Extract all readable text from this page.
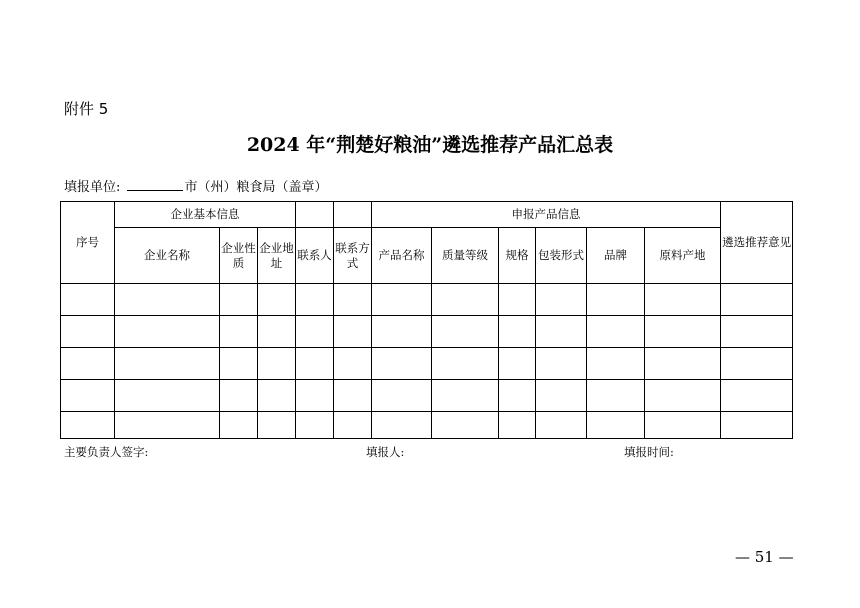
附件 5
2024 年“荆楚好粮油”遴选推荐产品汇总表
填报单位:	市（州）粮食局（盖章）
序号	企业基本信息					申报产品信息						遴选推荐意见
	企业名称	企业性质	企业地址	联系人	联系方式	产品名称	质量等级	规格	包装形式	品牌	原料产地	

主要负责人签字:	填报人:	填报时间:
— 51 —
